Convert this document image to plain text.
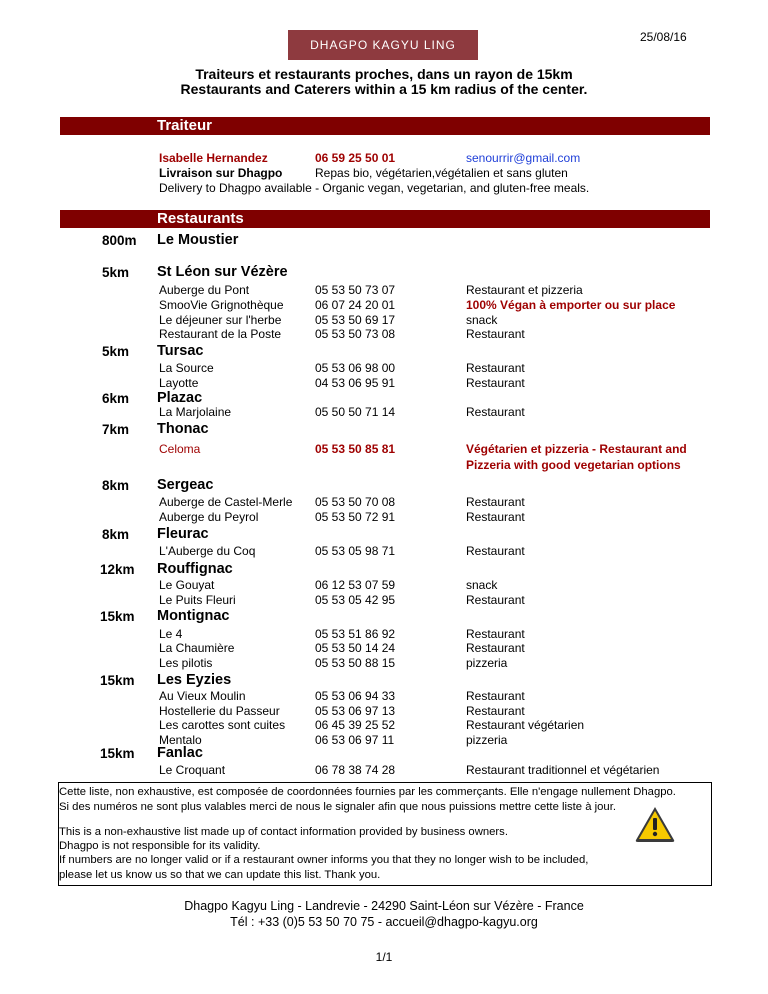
25/08/16
DHAGPO KAGYU LING
Traiteurs et restaurants proches, dans un rayon de 15km
Restaurants and Caterers within a 15 km radius of the center.
Traiteur
Isabelle Hernandez	06 59 25 50 01	senourrir@gmail.com
Livraison sur Dhagpo	Repas bio, végétarien,végétalien et sans gluten
Delivery to Dhagpo available - Organic vegan, vegetarian, and gluten-free meals.
Restaurants
800m Le Moustier
5km St Léon sur Vézère
Auberge du Pont	05 53 50 73 07	Restaurant et pizzeria
SmooVie Grignothèque	06 07 24 20 01	100% Végan à emporter ou sur place
Le déjeuner sur l'herbe	05 53 50 69 17	snack
Restaurant de la Poste	05 53 50 73 08	Restaurant
5km Tursac
La Source	05 53 06 98 00	Restaurant
Layotte	04 53 06 95 91	Restaurant
6km Plazac
La Marjolaine	05 50 50 71 14	Restaurant
7km Thonac
Celoma	05 53 50 85 81	Végétarien et pizzeria - Restaurant and
Pizzeria with good vegetarian options
8km Sergeac
Auberge de Castel-Merle 05 53 50 70 08	Restaurant
Auberge du Peyrol	05 53 50 72 91	Restaurant
8km Fleurac
L'Auberge du Coq	05 53 05 98 71	Restaurant
12km Rouffignac
Le Gouyat	06 12 53 07 59	snack
Le Puits Fleuri	05 53 05 42 95	Restaurant
15km Montignac
Le 4	05 53 51 86 92	Restaurant
La Chaumière	05 53 50 14 24	Restaurant
Les pilotis	05 53 50 88 15	pizzeria
15km Les Eyzies
Au Vieux Moulin	05 53 06 94 33	Restaurant
Hostellerie du Passeur	05 53 06 97 13	Restaurant
Les carottes sont cuites 06 45 39 25 52	Restaurant végétarien
Mentalo	06 53 06 97 11	pizzeria
15km Fanlac
Le Croquant	06 78 38 74 28	Restaurant traditionnel et végétarien

Cette liste, non exhaustive, est composée de coordonnées fournies par les commerçants. Elle n'engage nullement Dhagpo.

Si des numéros ne sont plus valables merci de nous le signaler afin que nous puissions mettre cette liste à jour.

This is a non-exhaustive list made up of contact information provided by business owners.

Dhagpo is not responsible for its validity.

If numbers are no longer valid or if a restaurant owner informs you that they no longer wish to be included,

please let us know us so that we can update this list. Thank you.

Dhagpo Kagyu Ling - Landrevie - 24290 Saint-Léon sur Vézère - France
Tél : +33 (0)5 53 50 70 75 - accueil@dhagpo-kagyu.org
1/1
